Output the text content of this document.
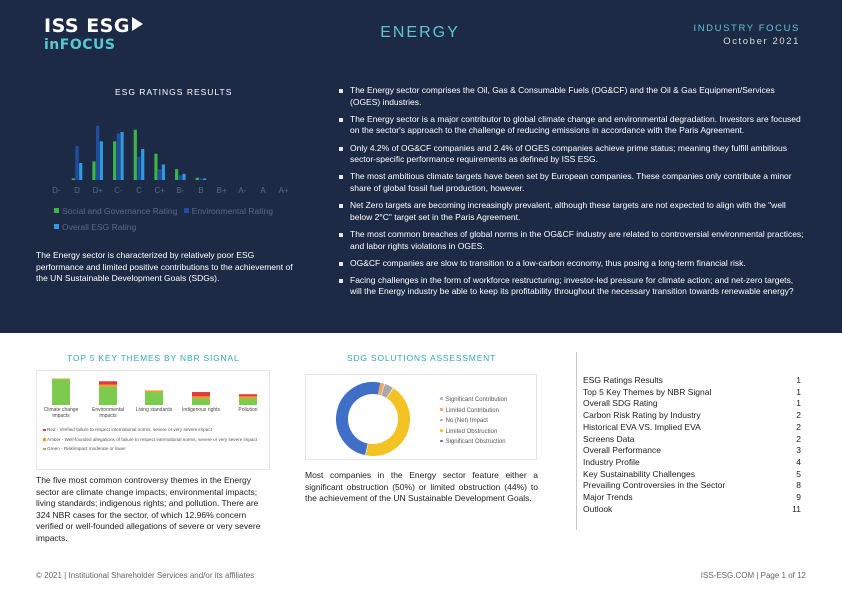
ISS ESG
inFOCUS
ENERGY	INDUSTRY FOCUS
October 2021
ESG RATINGS RESULTS
D- D D+ C- C C+ B- B B+ A- A A+
Social and Governance Rating Environmental Rating
Overall ESG Rating
The Energy sector is characterized by relatively poor ESG performance and limited positive contributions to the achievement of the UN Sustainable Development Goals (SDGs).
The Energy sector comprises the Oil, Gas & Consumable Fuels (OG&CF) and the Oil & Gas Equipment/Services (OGES) industries.
The Energy sector is a major contributor to global climate change and environmental degradation. Investors are focused on the sector's approach to the challenge of reducing emissions in accordance with the Paris Agreement.
Only 4.2% of OG&CF companies and 2.4% of OGES companies achieve prime status; meaning they fulfill ambitious sector-specific performance requirements as defined by ISS ESG.
The most ambitious climate targets have been set by European companies. These companies only contribute a minor share of global fossil fuel production, however.
Net Zero targets are becoming increasingly prevalent, although these targets are not expected to align with the "well below 2°C" target set in the Paris Agreement.
The most common breaches of global norms in the OG&CF industry are related to controversial environmental practices; and labor rights violations in OGES.
OG&CF companies are slow to transition to a low-carbon economy, thus posing a long-term financial risk.
Facing challenges in the form of workforce restructuring; investor-led pressure for climate action; and net-zero targets, will the Energy industry be able to keep its profitability throughout the necessary transition towards renewable energy?
TOP 5 KEY THEMES BY NBR SIGNAL
Climate change impacts
Environmental impacts
Living standards	Indigenous rights	Pollution
Red - Verified failure to respect international norms, severe or very severe impact
Amber - Well-founded allegations of failure to respect international norms, severe or very severe impact
Green - Risk/impact moderate or lower
The five most common controversy themes in the Energy sector are climate change impacts; environmental impacts; living standards; indigenous rights; and pollution. There are 324 NBR cases for the sector, of which 12.96% concern verified or well-founded allegations of severe or very severe impacts.
SDG SOLUTIONS ASSESSMENT
Significant Contribution
Limited Contribution
No (Net) Impact
Limited Obstruction
Significant Obstruction
Most companies in the Energy sector feature either a significant obstruction (50%) or limited obstruction (44%) to the achievement of the UN Sustainable Development Goals.
ESG Ratings Results	1
Top 5 Key Themes by NBR Signal	1
Overall SDG Rating	1
Carbon Risk Rating by Industry	2
Historical EVA VS. Implied EVA	2
Screens Data	2
Overall Performance	3
Industry Profile	4
Key Sustainability Challenges	5
Prevailing Controversies in the Sector	8
Major Trends	9
Outlook	11
© 2021 | Institutional Shareholder Services and/or its affiliates	ISS-ESG.COM | Page 1 of 12
